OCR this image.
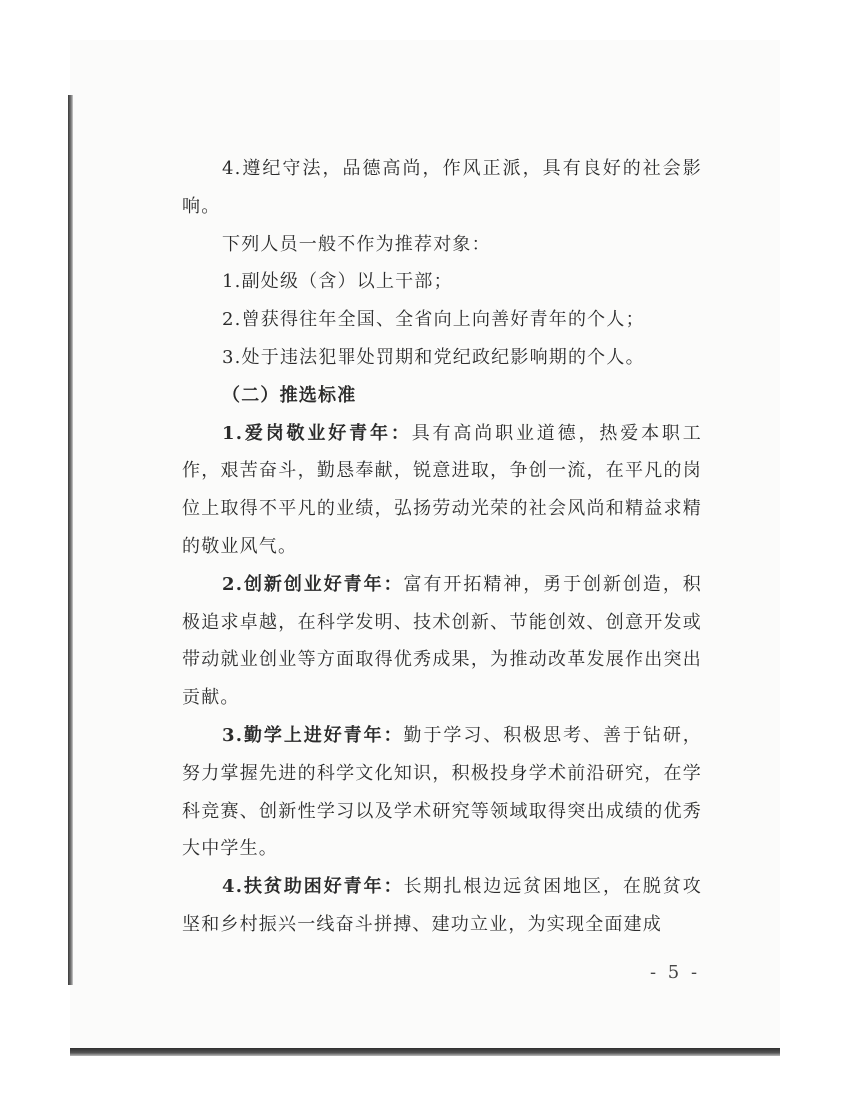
4.遵纪守法，品德高尚，作风正派，具有良好的社会影响。

下列人员一般不作为推荐对象：

1.副处级（含）以上干部；

2.曾获得往年全国、全省向上向善好青年的个人；

3.处于违法犯罪处罚期和党纪政纪影响期的个人。

（二）推选标准

1.爱岗敬业好青年：具有高尚职业道德，热爱本职工作，艰苦奋斗，勤恳奉献，锐意进取，争创一流，在平凡的岗位上取得不平凡的业绩，弘扬劳动光荣的社会风尚和精益求精的敬业风气。

2.创新创业好青年：富有开拓精神，勇于创新创造，积极追求卓越，在科学发明、技术创新、节能创效、创意开发或带动就业创业等方面取得优秀成果，为推动改革发展作出突出贡献。

3.勤学上进好青年：勤于学习、积极思考、善于钻研，努力掌握先进的科学文化知识，积极投身学术前沿研究，在学科竞赛、创新性学习以及学术研究等领域取得突出成绩的优秀大中学生。

4.扶贫助困好青年：长期扎根边远贫困地区，在脱贫攻坚和乡村振兴一线奋斗拼搏、建功立业，为实现全面建成

- 5 -
